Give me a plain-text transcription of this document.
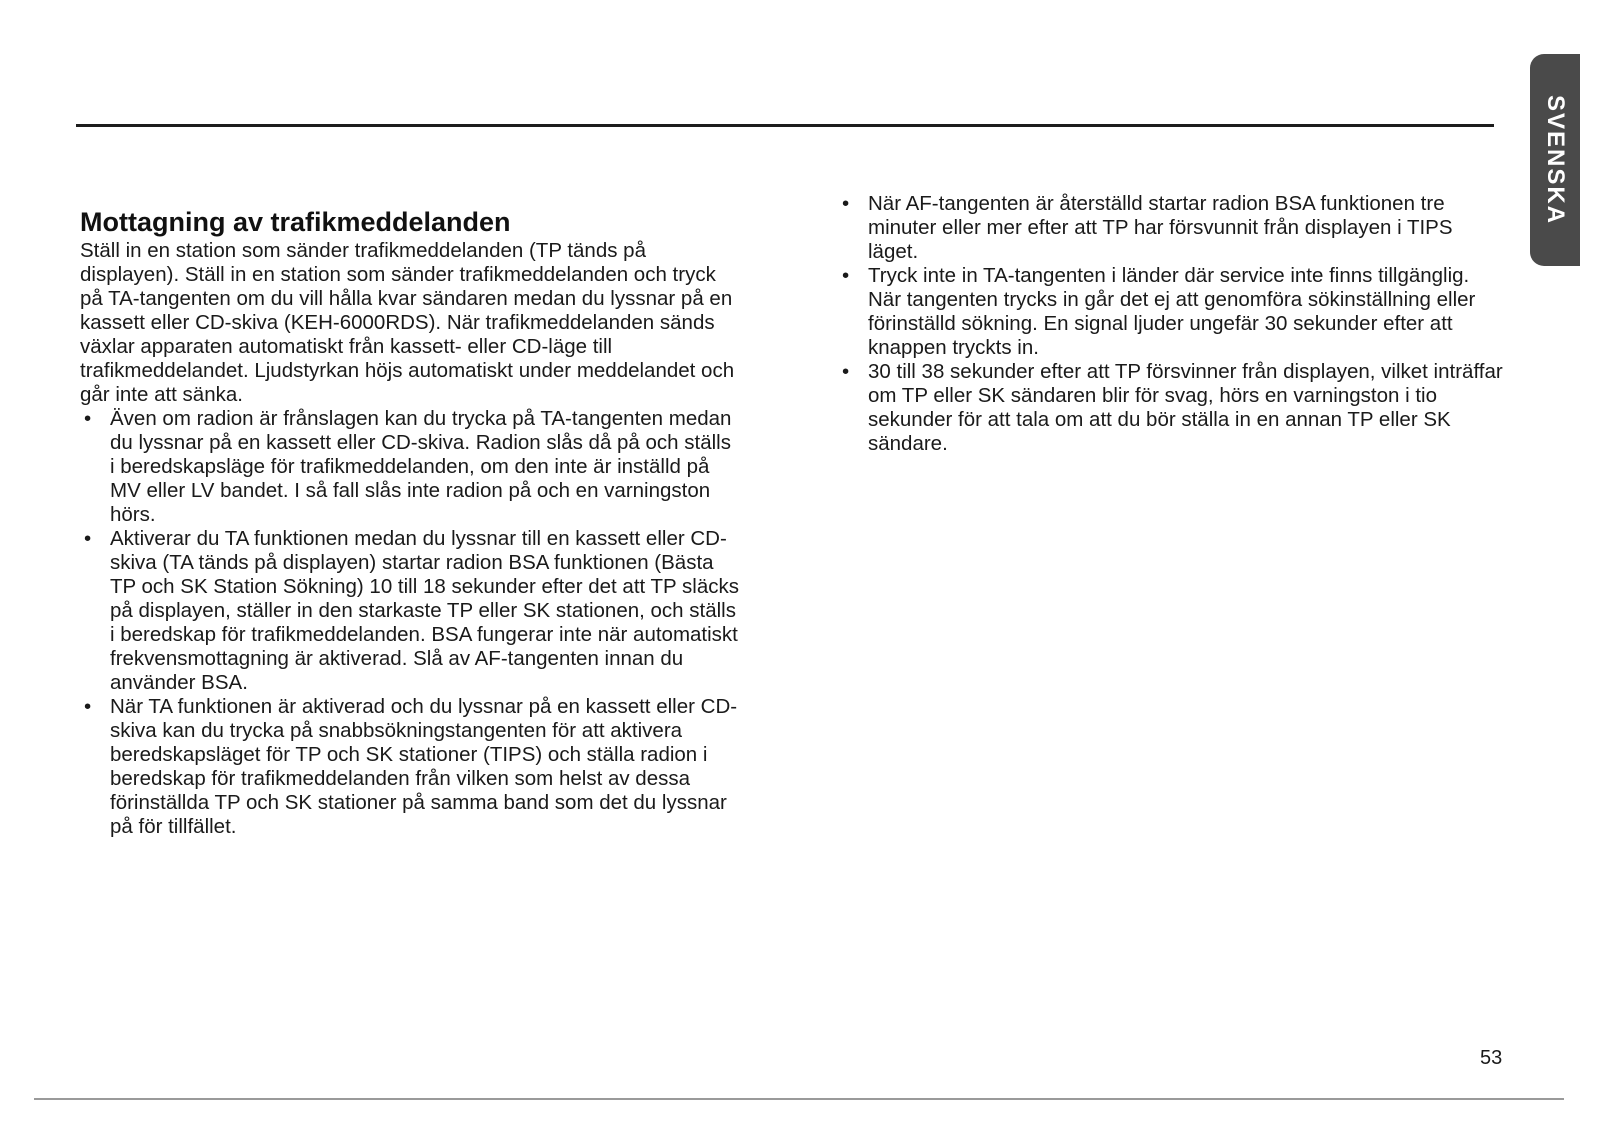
SVENSKA
Mottagning av trafikmeddelanden

Ställ in en station som sänder trafikmeddelanden (TP tänds på displayen). Ställ in en station som sänder trafikmeddelanden och tryck på TA-tangenten om du vill hålla kvar sändaren medan du lyssnar på en kassett eller CD-skiva (KEH-6000RDS). När trafikmeddelanden sänds växlar apparaten automatiskt från kassett- eller CD-läge till trafikmeddelandet. Ljudstyrkan höjs automatiskt under meddelandet och går inte att sänka.

• Även om radion är frånslagen kan du trycka på TA-tangenten medan du lyssnar på en kassett eller CD-skiva. Radion slås då på och ställs i beredskapsläge för trafikmeddelanden, om den inte är inställd på MV eller LV bandet. I så fall slås inte radion på och en varningston hörs.
• Aktiverar du TA funktionen medan du lyssnar till en kassett eller CD-skiva (TA tänds på displayen) startar radion BSA funktionen (Bästa TP och SK Station Sökning) 10 till 18 sekunder efter det att TP släcks på displayen, ställer in den starkaste TP eller SK stationen, och ställs i beredskap för trafikmeddelanden. BSA fungerar inte när automatiskt frekvensmottagning är aktiverad. Slå av AF-tangenten innan du använder BSA.
• När TA funktionen är aktiverad och du lyssnar på en kassett eller CD-skiva kan du trycka på snabbsökningstangenten för att aktivera beredskapsläget för TP och SK stationer (TIPS) och ställa radion i beredskap för trafikmeddelanden från vilken som helst av dessa förinställda TP och SK stationer på samma band som det du lyssnar på för tillfället.
• När AF-tangenten är återställd startar radion BSA funktionen tre minuter eller mer efter att TP har försvunnit från displayen i TIPS läget.
• Tryck inte in TA-tangenten i länder där service inte finns tillgänglig. När tangenten trycks in går det ej att genomföra sökinställning eller förinställd sökning. En signal ljuder ungefär 30 sekunder efter att knappen tryckts in.
• 30 till 38 sekunder efter att TP försvinner från displayen, vilket inträffar om TP eller SK sändaren blir för svag, hörs en varningston i tio sekunder för att tala om att du bör ställa in en annan TP eller SK sändare.
53
